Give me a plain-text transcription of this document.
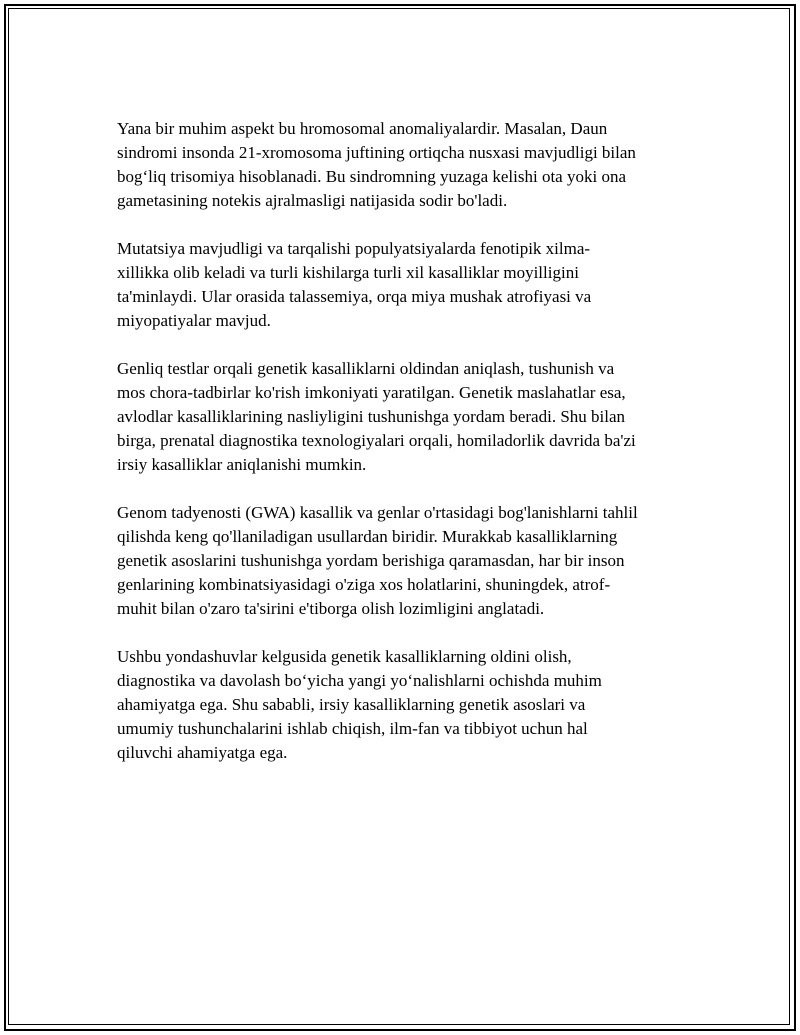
Yana bir muhim aspekt bu hromosomal anomaliyalardir. Masalan, Daun
sindromi insonda 21-xromosoma juftining ortiqcha nusxasi mavjudligi bilan
bog‘liq trisomiya hisoblanadi. Bu sindromning yuzaga kelishi ota yoki ona
gametasining notekis ajralmasligi natijasida sodir bo'ladi.

Mutatsiya mavjudligi va tarqalishi populyatsiyalarda fenotipik xilma-
xillikka olib keladi va turli kishilarga turli xil kasalliklar moyilligini
ta'minlaydi. Ular orasida talassemiya, orqa miya mushak atrofiyasi va
miyopatiyalar mavjud.

Genliq testlar orqali genetik kasalliklarni oldindan aniqlash, tushunish va
mos chora-tadbirlar ko'rish imkoniyati yaratilgan. Genetik maslahatlar esa,
avlodlar kasalliklarining nasliyligini tushunishga yordam beradi. Shu bilan
birga, prenatal diagnostika texnologiyalari orqali, homiladorlik davrida ba'zi
irsiy kasalliklar aniqlanishi mumkin.

Genom tadyenosti (GWA) kasallik va genlar o'rtasidagi bog'lanishlarni tahlil
qilishda keng qo'llaniladigan usullardan biridir. Murakkab kasalliklarning
genetik asoslarini tushunishga yordam berishiga qaramasdan, har bir inson
genlarining kombinatsiyasidagi o'ziga xos holatlarini, shuningdek, atrof-
muhit bilan o'zaro ta'sirini e'tiborga olish lozimligini anglatadi.

Ushbu yondashuvlar kelgusida genetik kasalliklarning oldini olish,
diagnostika va davolash bo‘yicha yangi yo‘nalishlarni ochishda muhim
ahamiyatga ega. Shu sababli, irsiy kasalliklarning genetik asoslari va
umumiy tushunchalarini ishlab chiqish, ilm-fan va tibbiyot uchun hal
qiluvchi ahamiyatga ega.
